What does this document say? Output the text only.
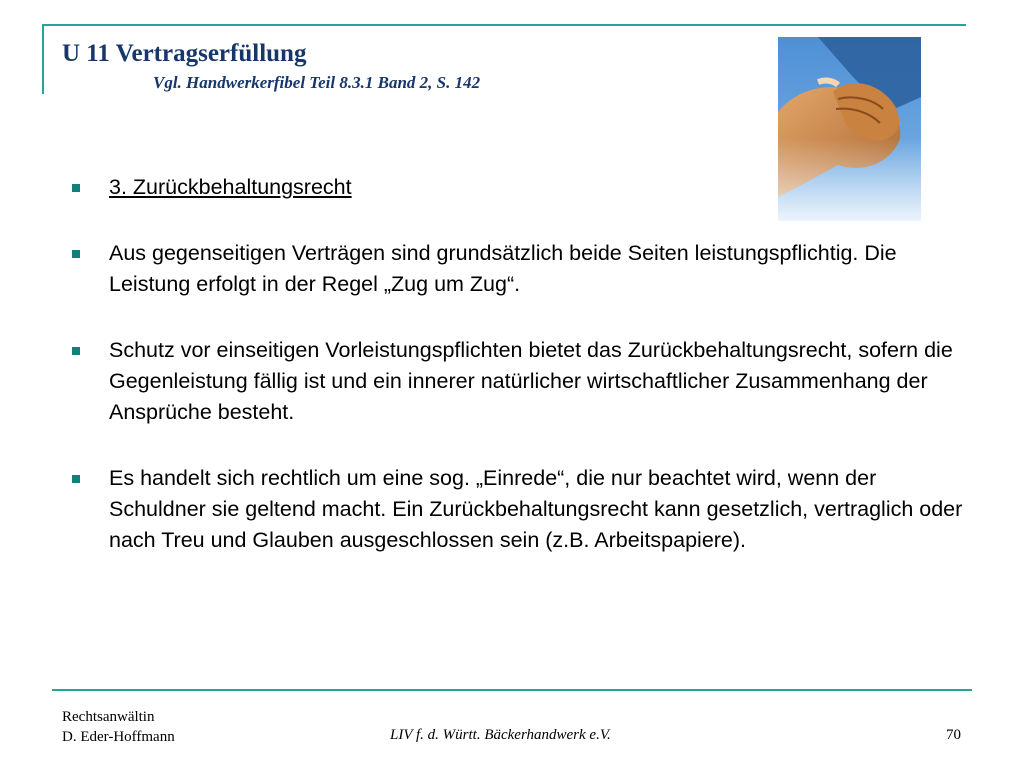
U 11 Vertragserfüllung
Vgl. Handwerkerfibel Teil 8.3.1 Band 2, S. 142
3. Zurückbehaltungsrecht
Aus gegenseitigen Verträgen sind grundsätzlich beide Seiten leistungspflichtig. Die Leistung erfolgt in der Regel „Zug um Zug“.
Schutz vor einseitigen Vorleistungspflichten bietet das Zurückbehaltungsrecht, sofern die Gegenleistung fällig ist und ein innerer natürlicher wirtschaftlicher Zusammenhang der Ansprüche besteht.
Es handelt sich rechtlich um eine sog. „Einrede“, die nur beachtet wird, wenn der Schuldner sie geltend macht. Ein Zurückbehaltungsrecht kann gesetzlich, vertraglich oder nach Treu und Glauben ausgeschlossen sein (z.B. Arbeitspapiere).
Rechtsanwältin
D. Eder-Hoffmann	LIV f. d. Württ. Bäckerhandwerk e.V.	70
